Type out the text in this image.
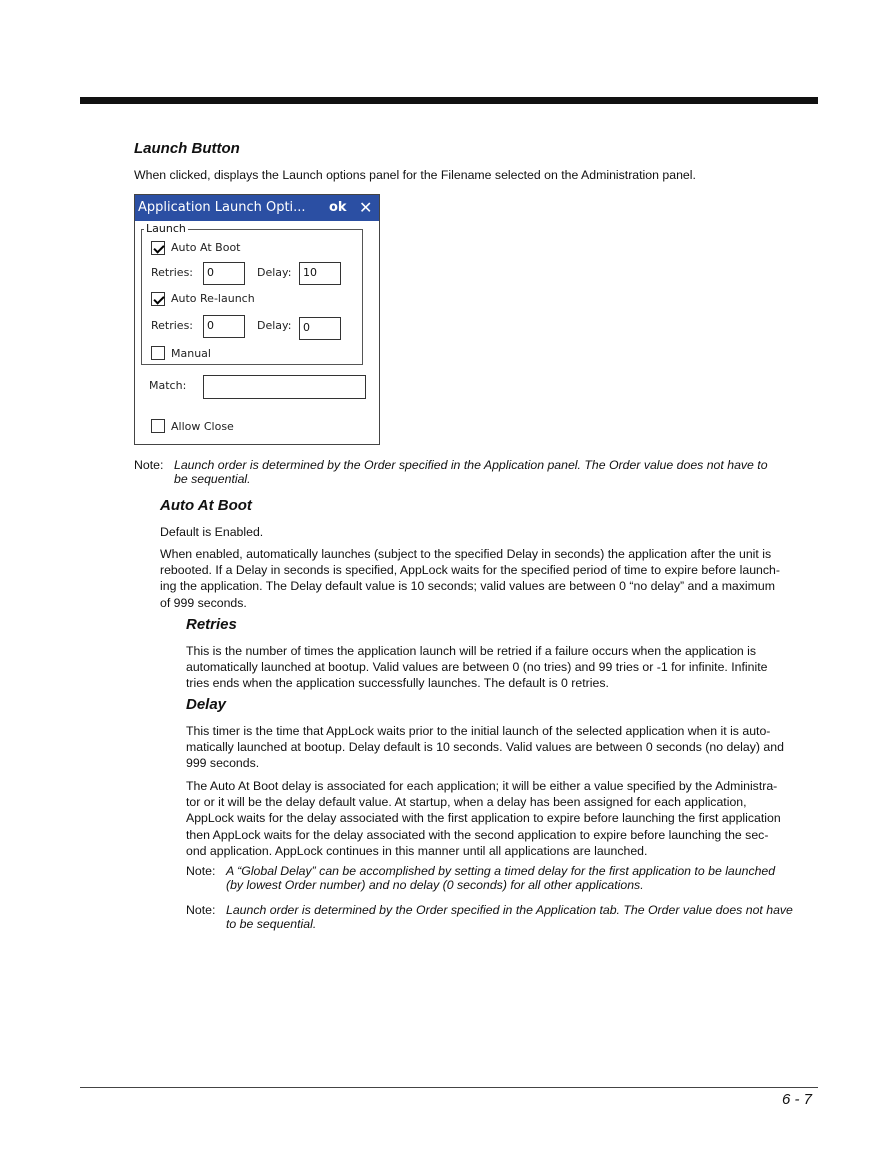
Launch Button

When clicked, displays the Launch options panel for the Filename selected on the Administration panel.

Application Launch Opti... ok ✕
Launch
Auto At Boot
Retries:	0	Delay:	10
Auto Re-launch
Retries:	0	Delay:	0
Manual
Match:
Allow Close
Note: Launch order is determined by the Order specified in the Application panel. The Order value does not have to
be sequential.
Auto At Boot

Default is Enabled.

When enabled, automatically launches (subject to the specified Delay in seconds) the application after the unit is
rebooted. If a Delay in seconds is specified, AppLock waits for the specified period of time to expire before launch-
ing the application. The Delay default value is 10 seconds; valid values are between 0 “no delay” and a maximum
of 999 seconds.
Retries
This is the number of times the application launch will be retried if a failure occurs when the application is
automatically launched at bootup. Valid values are between 0 (no tries) and 99 tries or -1 for infinite. Infinite
tries ends when the application successfully launches. The default is 0 retries.
Delay
This timer is the time that AppLock waits prior to the initial launch of the selected application when it is auto-
matically launched at bootup. Delay default is 10 seconds. Valid values are between 0 seconds (no delay) and
999 seconds.
The Auto At Boot delay is associated for each application; it will be either a value specified by the Administra-
tor or it will be the delay default value. At startup, when a delay has been assigned for each application,
AppLock waits for the delay associated with the first application to expire before launching the first application
then AppLock waits for the delay associated with the second application to expire before launching the sec-
ond application. AppLock continues in this manner until all applications are launched.
Note: A “Global Delay” can be accomplished by setting a timed delay for the first application to be launched
(by lowest Order number) and no delay (0 seconds) for all other applications.
Note: Launch order is determined by the Order specified in the Application tab. The Order value does not have
to be sequential.
6 - 7
